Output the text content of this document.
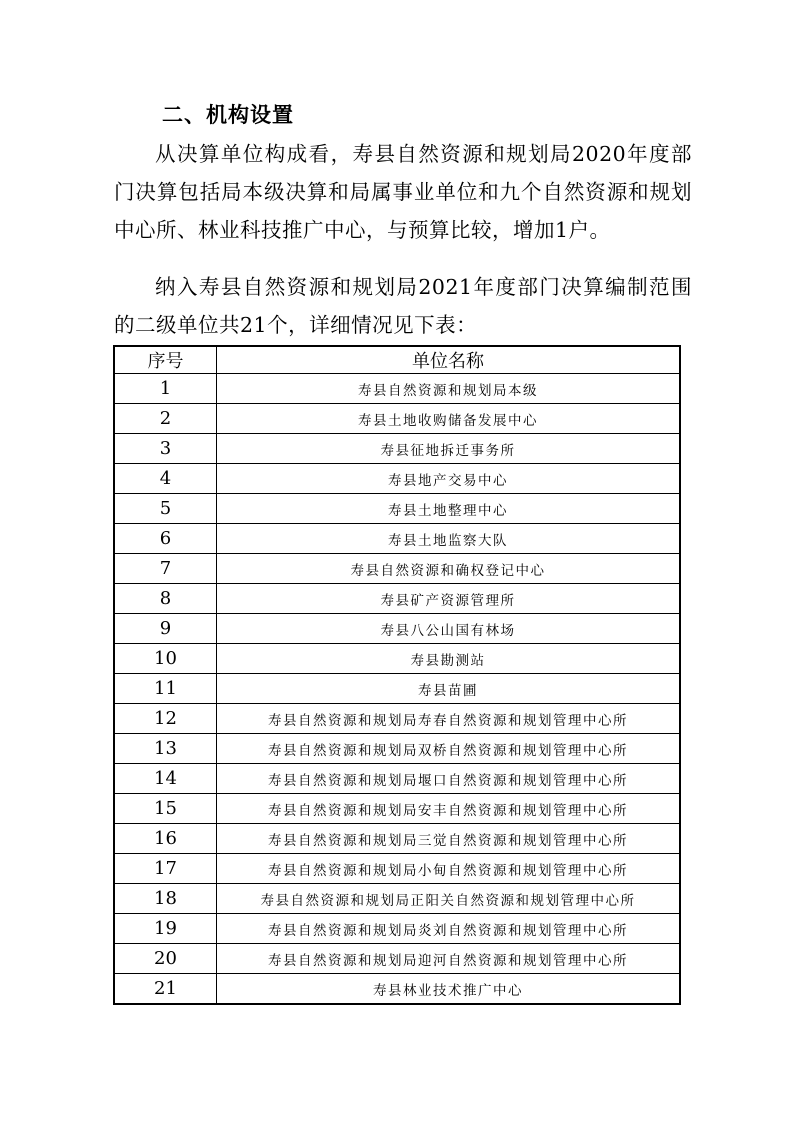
二、机构设置
从决算单位构成看，寿县自然资源和规划局2020年度部门决算包括局本级决算和局属事业单位和九个自然资源和规划中心所、林业科技推广中心，与预算比较，增加1户。
纳入寿县自然资源和规划局2021年度部门决算编制范围的二级单位共21个，详细情况见下表：
序号	单位名称
1	寿县自然资源和规划局本级
2	寿县土地收购储备发展中心
3	寿县征地拆迁事务所
4	寿县地产交易中心
5	寿县土地整理中心
6	寿县土地监察大队
7	寿县自然资源和确权登记中心
8	寿县矿产资源管理所
9	寿县八公山国有林场
10	寿县勘测站
11	寿县苗圃
12	寿县自然资源和规划局寿春自然资源和规划管理中心所
13	寿县自然资源和规划局双桥自然资源和规划管理中心所
14	寿县自然资源和规划局堰口自然资源和规划管理中心所
15	寿县自然资源和规划局安丰自然资源和规划管理中心所
16	寿县自然资源和规划局三觉自然资源和规划管理中心所
17	寿县自然资源和规划局小甸自然资源和规划管理中心所
18	寿县自然资源和规划局正阳关自然资源和规划管理中心所
19	寿县自然资源和规划局炎刘自然资源和规划管理中心所
20	寿县自然资源和规划局迎河自然资源和规划管理中心所
21	寿县林业技术推广中心
